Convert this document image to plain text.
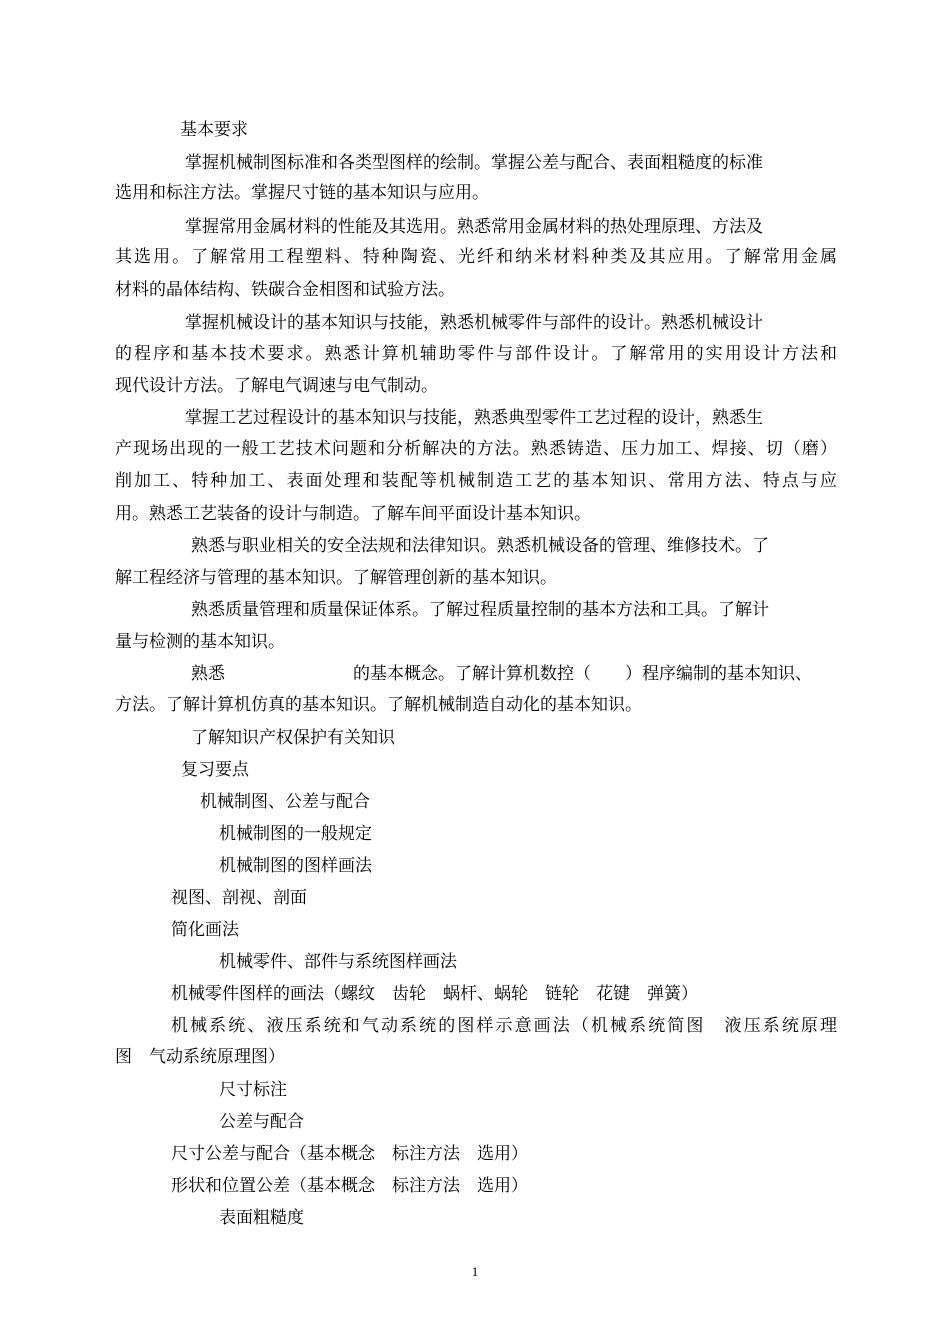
基本要求
掌握机械制图标准和各类型图样的绘制。掌握公差与配合、表面粗糙度的标准
选用和标注方法。掌握尺寸链的基本知识与应用。
掌握常用金属材料的性能及其选用。熟悉常用金属材料的热处理原理、方法及
其选用。了解常用工程塑料、特种陶瓷、光纤和纳米材料种类及其应用。了解常用金属
材料的晶体结构、铁碳合金相图和试验方法。
掌握机械设计的基本知识与技能，熟悉机械零件与部件的设计。熟悉机械设计
的程序和基本技术要求。熟悉计算机辅助零件与部件设计。了解常用的实用设计方法和
现代设计方法。了解电气调速与电气制动。
掌握工艺过程设计的基本知识与技能，熟悉典型零件工艺过程的设计，熟悉生
产现场出现的一般工艺技术问题和分析解决的方法。熟悉铸造、压力加工、焊接、切（磨）
削加工、特种加工、表面处理和装配等机械制造工艺的基本知识、常用方法、特点与应
用。熟悉工艺装备的设计与制造。了解车间平面设计基本知识。
熟悉与职业相关的安全法规和法律知识。熟悉机械设备的管理、维修技术。了
解工程经济与管理的基本知识。了解管理创新的基本知识。
熟悉质量管理和质量保证体系。了解过程质量控制的基本方法和工具。了解计
量与检测的基本知识。
熟悉	的基本概念。了解计算机数控（　　）程序编制的基本知识、
方法。了解计算机仿真的基本知识。了解机械制造自动化的基本知识。
了解知识产权保护有关知识
复习要点
机械制图、公差与配合
机械制图的一般规定
机械制图的图样画法
视图、剖视、剖面
简化画法
机械零件、部件与系统图样画法
机械零件图样的画法（螺纹　齿轮　蜗杆、蜗轮　链轮　花键　弹簧）
机械系统、液压系统和气动系统的图样示意画法（机械系统简图　液压系统原理
图　气动系统原理图）
尺寸标注
公差与配合
尺寸公差与配合（基本概念　标注方法　选用）
形状和位置公差（基本概念　标注方法　选用）
表面粗糙度
1
